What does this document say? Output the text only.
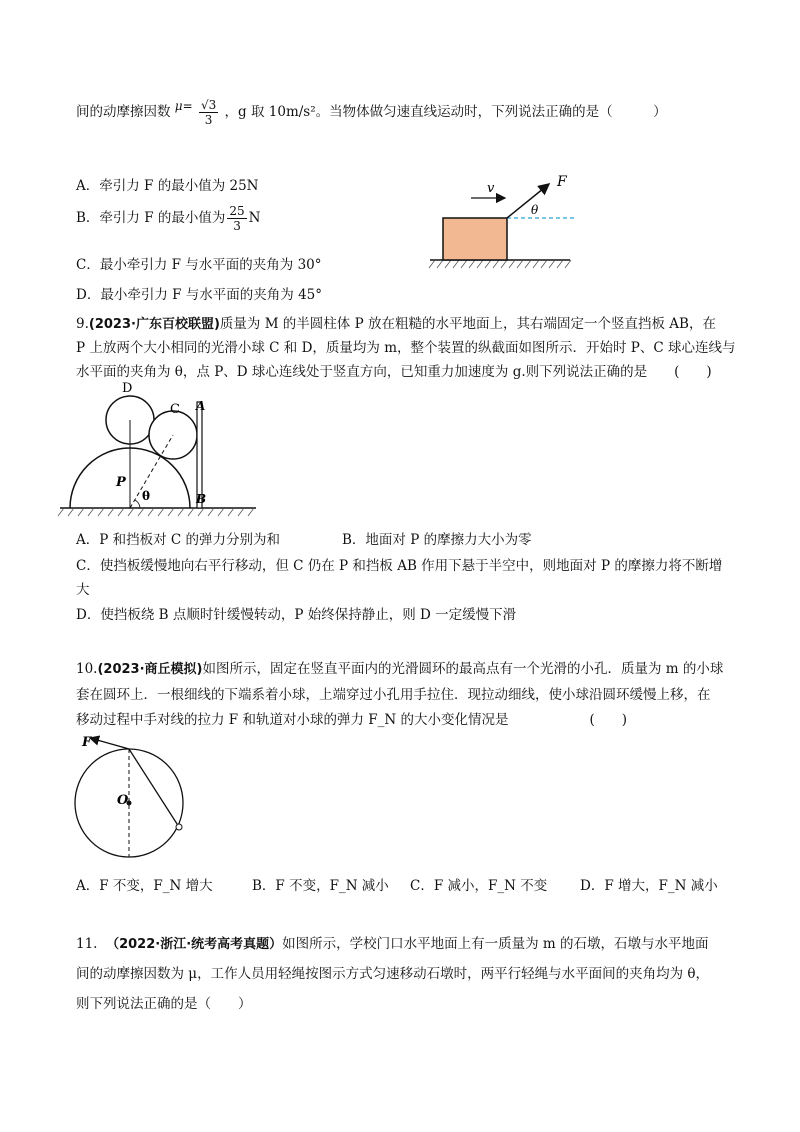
间的动摩擦因数 $\mu= \frac{√3}{3}$ ，g 取 10m/s²。当物体做匀速直线运动时，下列说法正确的是（　　　）
A．牵引力 F 的最小值为 25N
B．牵引力 F 的最小值为 $\frac{25}{3}$ N
C．最小牵引力 F 与水平面的夹角为 30°
D．最小牵引力 F 与水平面的夹角为 45°
v	F
θ
9.(2023·广东百校联盟)质量为 M 的半圆柱体 P 放在粗糙的水平地面上，其右端固定一个竖直挡板 AB，在
P 上放两个大小相同的光滑小球 C 和 D，质量均为 m，整个装置的纵截面如图所示．开始时 P、C 球心连线与
水平面的夹角为 θ，点 P、D 球心连线处于竖直方向，已知重力加速度为 g.则下列说法正确的是　　(　　)
D
C A
P
θ	B
A．P 和挡板对 C 的弹力分别为和	B．地面对 P 的摩擦力大小为零
C．使挡板缓慢地向右平行移动，但 C 仍在 P 和挡板 AB 作用下悬于半空中，则地面对 P 的摩擦力将不断增
大
D．使挡板绕 B 点顺时针缓慢转动，P 始终保持静止，则 D 一定缓慢下滑
10.(2023·商丘模拟)如图所示，固定在竖直平面内的光滑圆环的最高点有一个光滑的小孔．质量为 m 的小球
套在圆环上．一根细线的下端系着小球，上端穿过小孔用手拉住．现拉动细线，使小球沿圆环缓慢上移，在
移动过程中手对线的拉力 F 和轨道对小球的弹力 F_N 的大小变化情况是　　　　　　(　　)
F
O
A．F 不变，F_N 增大	B．F 不变，F_N 减小 C．F 减小，F_N 不变 D．F 增大，F_N 减小
11. （2022·浙江·统考高考真题）如图所示，学校门口水平地面上有一质量为 m 的石墩，石墩与水平地面
间的动摩擦因数为 μ，工作人员用轻绳按图示方式匀速移动石墩时，两平行轻绳与水平面间的夹角均为 θ，
则下列说法正确的是（　　）
